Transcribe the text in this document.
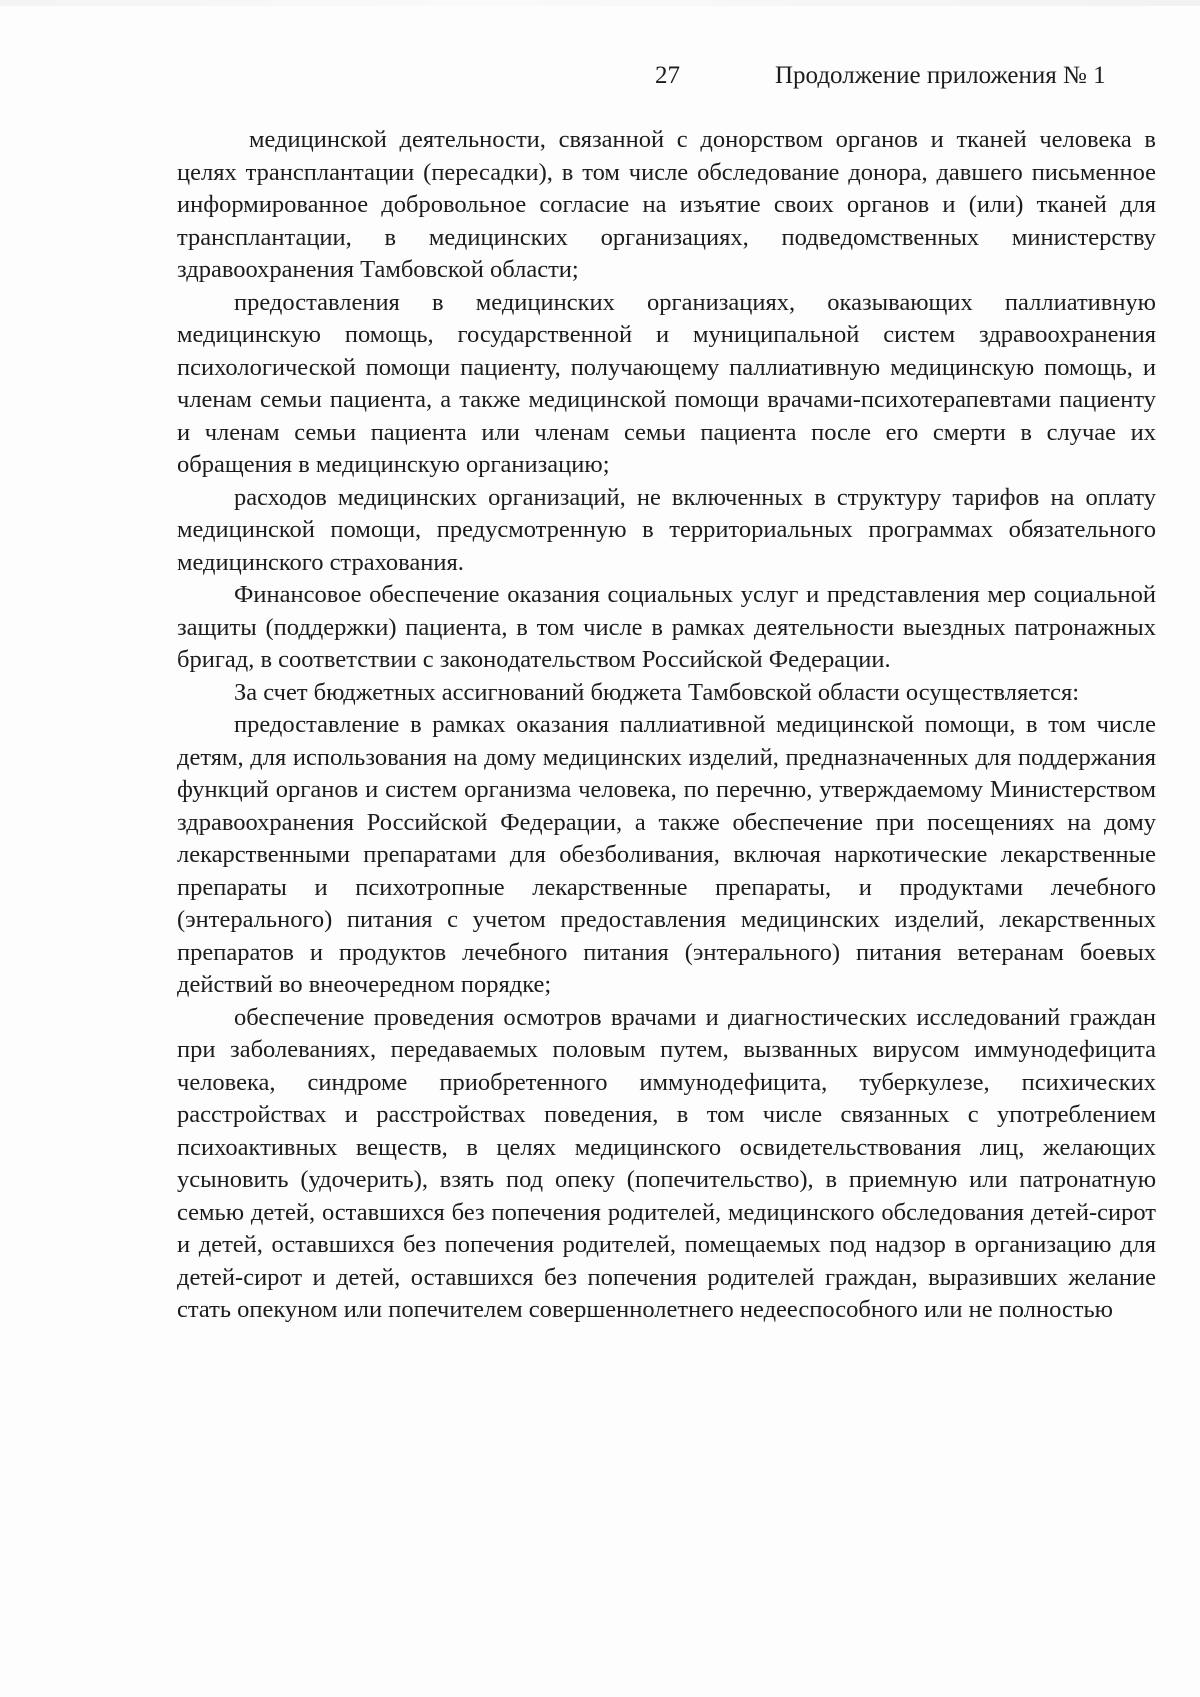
27	Продолжение приложения № 1

медицинской деятельности, связанной с донорством органов и тканей человека в целях трансплантации (пересадки), в том числе обследование донора, давшего письменное информированное добровольное согласие на изъятие своих органов и (или) тканей для трансплантации, в медицинских организациях, подведомственных министерству здравоохранения Тамбовской области;

предоставления в медицинских организациях, оказывающих паллиативную медицинскую помощь, государственной и муниципальной систем здравоохранения психологической помощи пациенту, получающему паллиативную медицинскую помощь, и членам семьи пациента, а также медицинской помощи врачами-психотерапевтами пациенту и членам семьи пациента или членам семьи пациента после его смерти в случае их обращения в медицинскую организацию;

расходов медицинских организаций, не включенных в структуру тарифов на оплату медицинской помощи, предусмотренную в территориальных программах обязательного медицинского страхования.

Финансовое обеспечение оказания социальных услуг и представления мер социальной защиты (поддержки) пациента, в том числе в рамках деятельности выездных патронажных бригад, в соответствии с законодательством Российской Федерации.

За счет бюджетных ассигнований бюджета Тамбовской области осуществляется:

предоставление в рамках оказания паллиативной медицинской помощи, в том числе детям, для использования на дому медицинских изделий, предназначенных для поддержания функций органов и систем организма человека, по перечню, утверждаемому Министерством здравоохранения Российской Федерации, а также обеспечение при посещениях на дому лекарственными препаратами для обезболивания, включая наркотические лекарственные препараты и психотропные лекарственные препараты, и продуктами лечебного (энтерального) питания с учетом предоставления медицинских изделий, лекарственных препаратов и продуктов лечебного питания (энтерального) питания ветеранам боевых действий во внеочередном порядке;

обеспечение проведения осмотров врачами и диагностических исследований граждан при заболеваниях, передаваемых половым путем, вызванных вирусом иммунодефицита человека, синдроме приобретенного иммунодефицита, туберкулезе, психических расстройствах и расстройствах поведения, в том числе связанных с употреблением психоактивных веществ, в целях медицинского освидетельствования лиц, желающих усыновить (удочерить), взять под опеку (попечительство), в приемную или патронатную семью детей, оставшихся без попечения родителей, медицинского обследования детей-сирот и детей, оставшихся без попечения родителей, помещаемых под надзор в организацию для детей-сирот и детей, оставшихся без попечения родителей граждан, выразивших желание стать опекуном или попечителем совершеннолетнего недееспособного или не полностью
